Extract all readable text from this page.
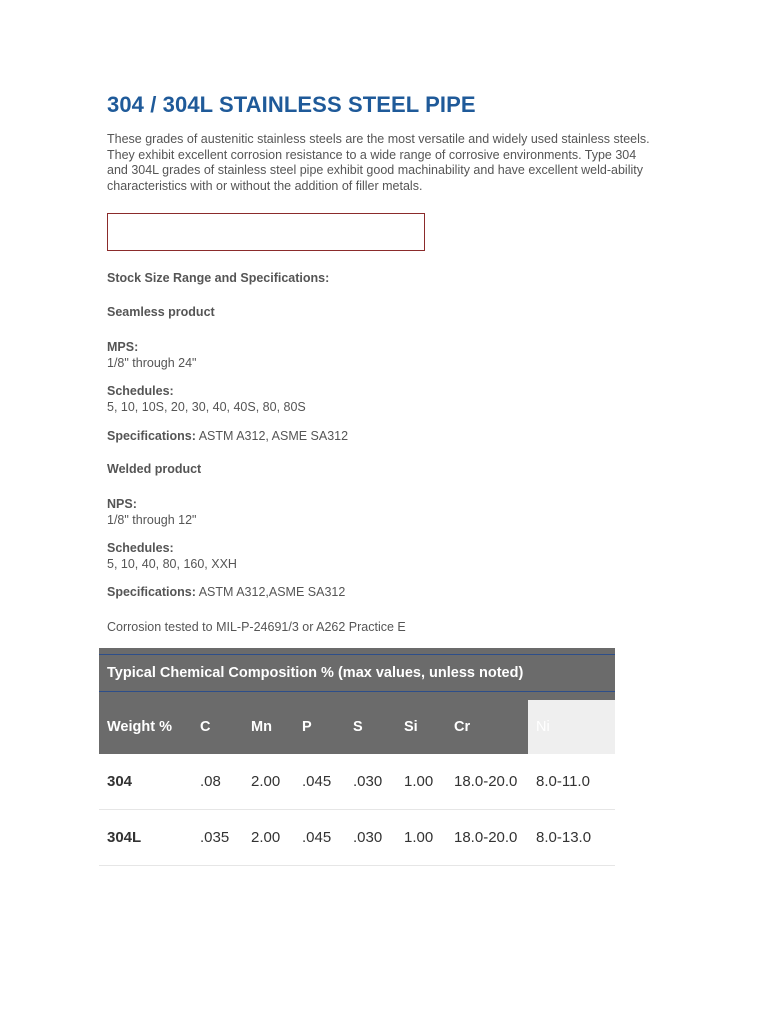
304 / 304L STAINLESS STEEL PIPE

These grades of austenitic stainless steels are the most versatile and widely used stainless steels. They exhibit excellent corrosion resistance to a wide range of corrosive environments. Type 304 and 304L grades of stainless steel pipe exhibit good machinability and have excellent weld-ability characteristics with or without the addition of filler metals.

Stock Size Range and Specifications:

Seamless product

MPS:

1/8" through 24"

Schedules:

5, 10, 10S, 20, 30, 40, 40S, 80, 80S

Specifications: ASTM A312, ASME SA312

Welded product

NPS:

1/8" through 12"

Schedules:

5, 10, 40, 80, 160, XXH

Specifications: ASTM A312,ASME SA312

Corrosion tested to MIL-P-24691/3 or A262 Practice E

Typical Chemical Composition % (max values, unless noted)							

Weight %	C	Mn	P	S	Si	Cr	Ni
304	.08	2.00	.045	.030	1.00	18.0-20.0	8.0-11.0
304L	.035	2.00	.045	.030	1.00	18.0-20.0	8.0-13.0
